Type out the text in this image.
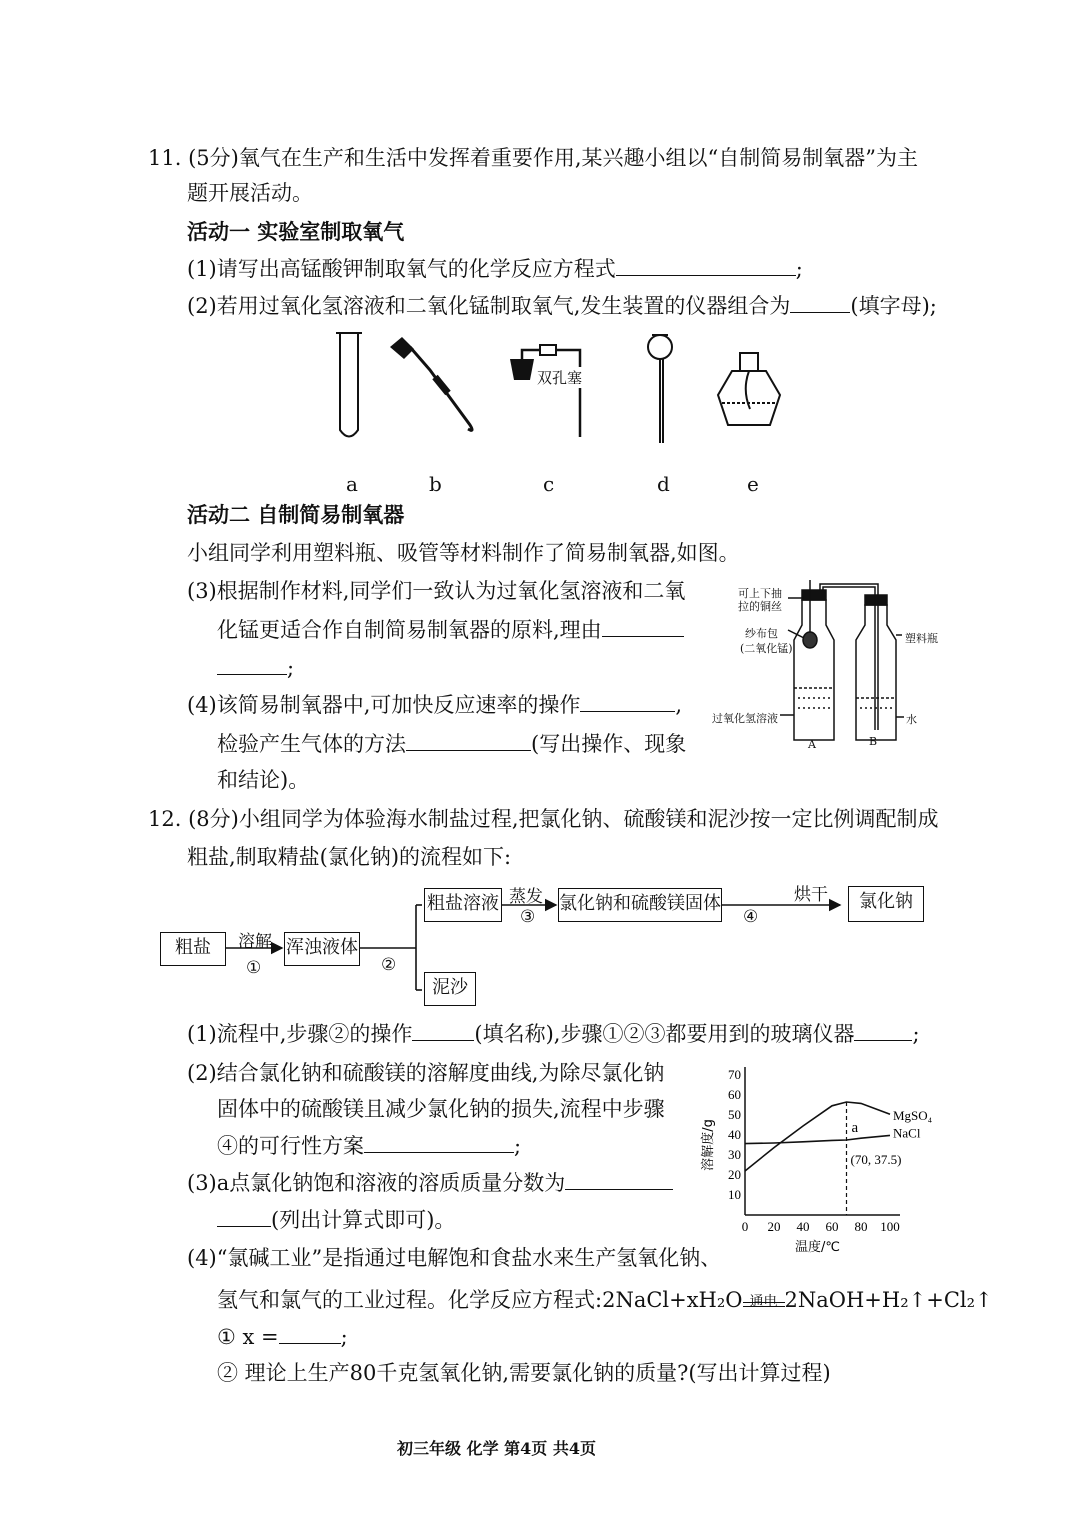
11. (5分)氧气在生产和生活中发挥着重要作用,某兴趣小组以“自制简易制氧器”为主
题开展活动。
活动一 实验室制取氧气
(1)请写出高锰酸钾制取氧气的化学反应方程式	;
(2)若用过氧化氢溶液和二氧化锰制取氧气,发生装置的仪器组合为	(填字母);
双孔塞
a	b	c	d	e
活动二 自制简易制氧器
小组同学利用塑料瓶、吸管等材料制作了简易制氧器,如图。
(3)根据制作材料,同学们一致认为过氧化氢溶液和二氧
化锰更适合作自制简易制氧器的原料,理由
;
(4)该简易制氧器中,可加快反应速率的操作	,
检验产生气体的方法	(写出操作、现象
和结论)。
可上下抽
拉的铜丝
纱布包
(二氧化锰)
塑料瓶
过氧化氢溶液	水
A	B
12. (8分)小组同学为体验海水制盐过程,把氯化钠、硫酸镁和泥沙按一定比例调配制成
粗盐,制取精盐(氯化钠)的流程如下:
粗盐	溶解
①
浑浊液体
②
粗盐溶液
泥沙
蒸发
③
氯化钠和硫酸镁固体	烘干
④
氯化钠
(1)流程中,步骤②的操作	(填名称),步骤①②③都要用到的玻璃仪器	;
(2)结合氯化钠和硫酸镁的溶解度曲线,为除尽氯化钠
固体中的硫酸镁且减少氯化钠的损失,流程中步骤
④的可行性方案	;
(3)a点氯化钠饱和溶液的溶质质量分数为
(列出计算式即可)。
(4)“氯碱工业”是指通过电解饱和食盐水来生产氢氧化钠、
氢气和氯气的工业过程。化学反应方程式:2NaCl+xH₂O 通电 2NaOH+H₂↑+Cl₂↑
① x =	;
② 理论上生产80千克氢氧化钠,需要氯化钠的质量?(写出计算过程)
10
20
30
40
50
60
70
0 20 40 60 80 100
温度/℃
溶解度/g
MgSO₄
NaCl
a
(70, 37.5)
初三年级 化学 第4页 共4页
